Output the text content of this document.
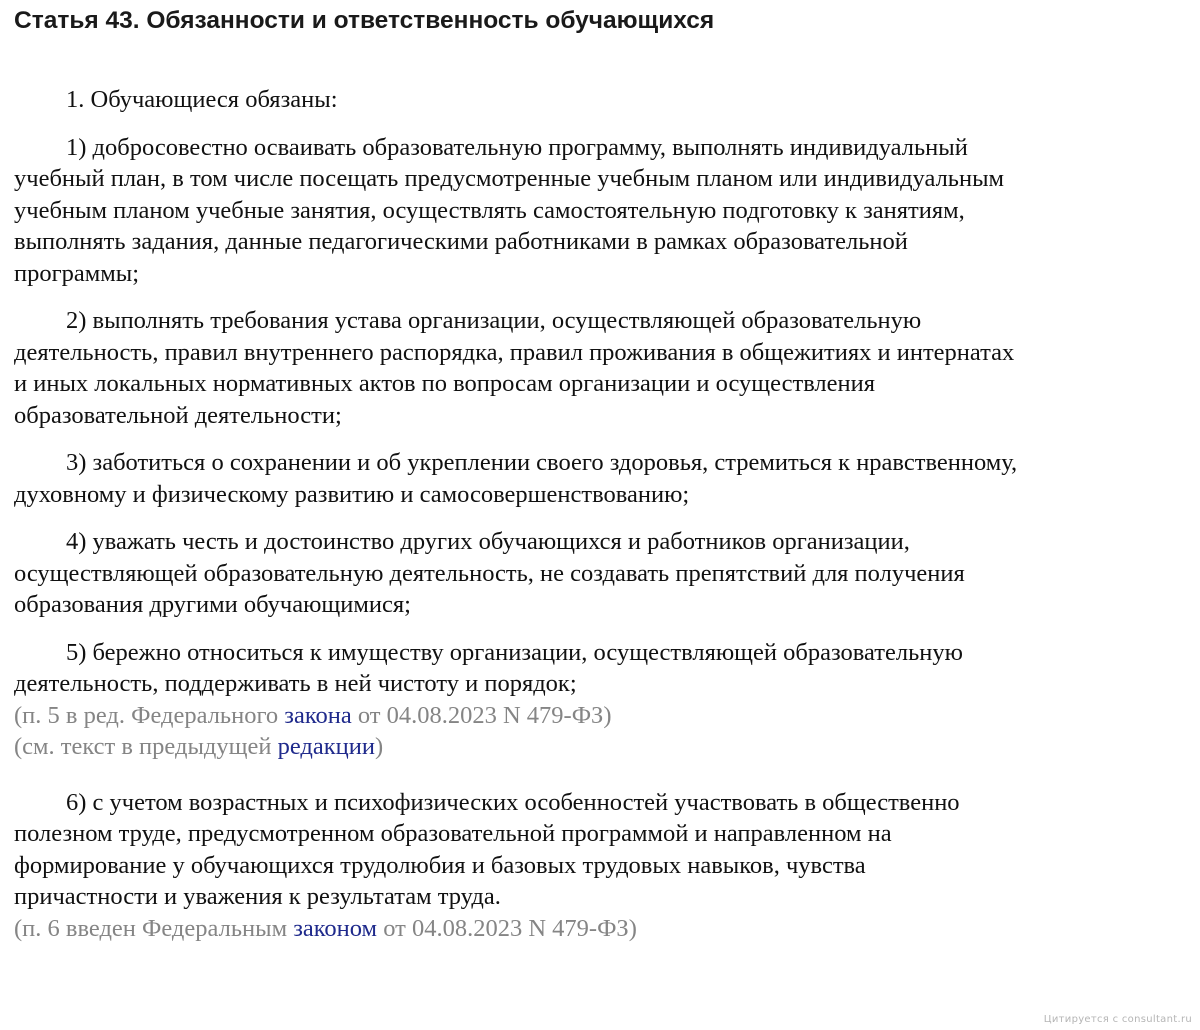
Статья 43. Обязанности и ответственность обучающихся

1. Обучающиеся обязаны:

1) добросовестно осваивать образовательную программу, выполнять индивидуальный
учебный план, в том числе посещать предусмотренные учебным планом или индивидуальным
учебным планом учебные занятия, осуществлять самостоятельную подготовку к занятиям,
выполнять задания, данные педагогическими работниками в рамках образовательной
программы;

2) выполнять требования устава организации, осуществляющей образовательную
деятельность, правил внутреннего распорядка, правил проживания в общежитиях и интернатах
и иных локальных нормативных актов по вопросам организации и осуществления
образовательной деятельности;

3) заботиться о сохранении и об укреплении своего здоровья, стремиться к нравственному,
духовному и физическому развитию и самосовершенствованию;

4) уважать честь и достоинство других обучающихся и работников организации,
осуществляющей образовательную деятельность, не создавать препятствий для получения
образования другими обучающимися;

5) бережно относиться к имуществу организации, осуществляющей образовательную
деятельность, поддерживать в ней чистоту и порядок;

(п. 5 в ред. Федерального закона от 04.08.2023 N 479-ФЗ)

(см. текст в предыдущей редакции)

6) с учетом возрастных и психофизических особенностей участвовать в общественно
полезном труде, предусмотренном образовательной программой и направленном на
формирование у обучающихся трудолюбия и базовых трудовых навыков, чувства
причастности и уважения к результатам труда.

(п. 6 введен Федеральным законом от 04.08.2023 N 479-ФЗ)

Цитируется с consultant.ru
